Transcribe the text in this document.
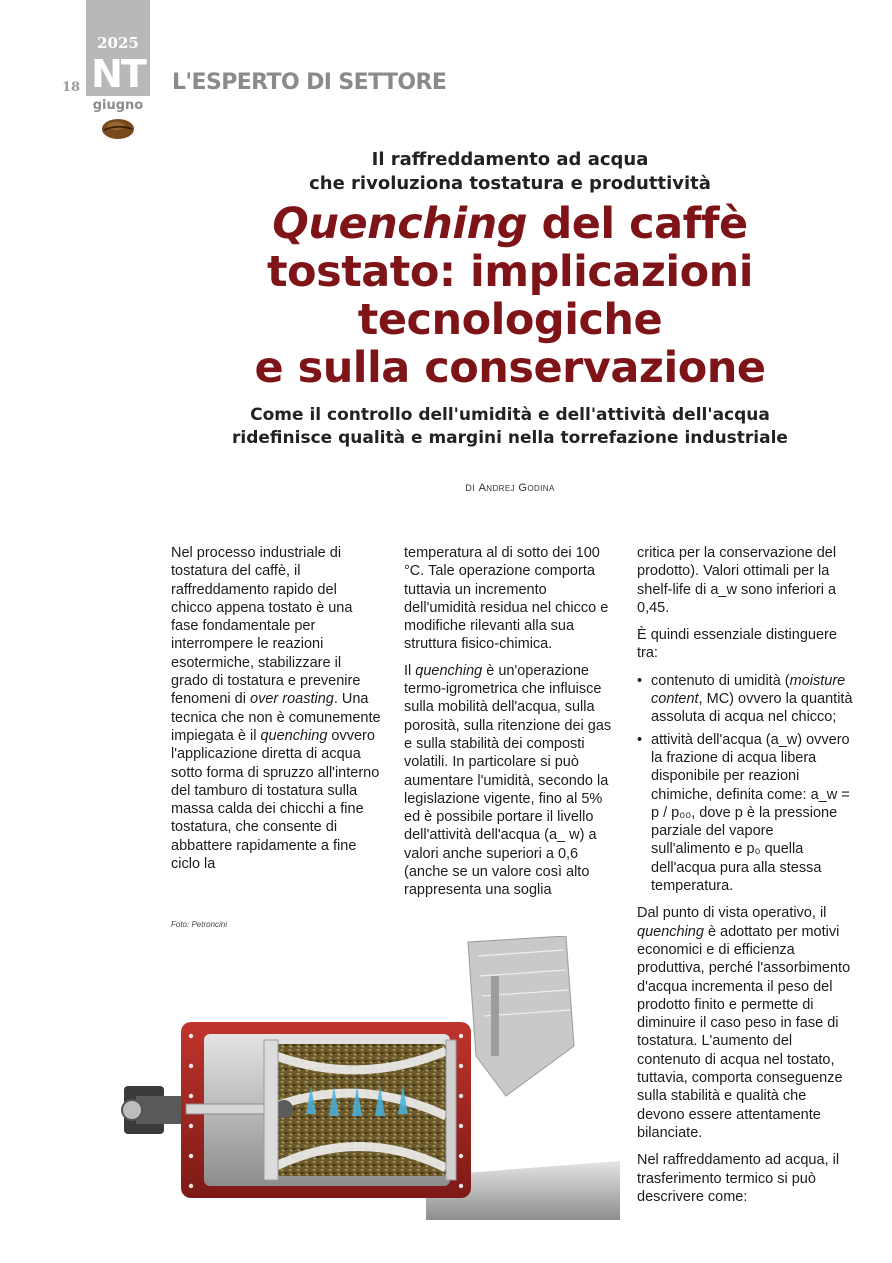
2025
NT
giugno
18	L'ESPERTO DI SETTORE
Il raffreddamento ad acqua
che rivoluziona tostatura e produttività
Quenching del caffè
tostato: implicazioni
tecnologiche
e sulla conservazione
Come il controllo dell'umidità e dell'attività dell'acqua
ridefinisce qualità e margini nella torrefazione industriale
DI Andrej Godina

Nel processo industriale di tostatura del caffè, il raffreddamento rapido del chicco appena tostato è una fase fondamentale per interrompere le reazioni esotermiche, stabilizzare il grado di tostatura e prevenire fenomeni di over roasting. Una tecnica che non è comunemente impiegata è il quenching ovvero l'applicazione diretta di acqua sotto forma di spruzzo all'interno del tamburo di tostatura sulla massa calda dei chicchi a fine tostatura, che consente di abbattere rapidamente a fine ciclo la

temperatura al di sotto dei 100 °C. Tale operazione comporta tuttavia un incremento dell'umidità residua nel chicco e modifiche rilevanti alla sua struttura fisico-chimica.

Il quenching è un'operazione termo-igrometrica che influisce sulla mobilità dell'acqua, sulla porosità, sulla ritenzione dei gas e sulla stabilità dei composti volatili. In particolare si può aumentare l'umidità, secondo la legislazione vigente, fino al 5% ed è possibile portare il livello dell'attività dell'acqua (a_ w) a valori anche superiori a 0,6 (anche se un valore così alto rappresenta una soglia

critica per la conservazione del prodotto). Valori ottimali per la shelf-life di a_w sono inferiori a 0,45.

È quindi essenziale distinguere tra:

• contenuto di umidità (moisture content, MC) ovvero la quantità assoluta di acqua nel chicco;
• attività dell'acqua (a_w) ovvero la frazione di acqua libera disponibile per reazioni chimiche, definita come: a_w = p / p₀₀, dove p è la pressione parziale del vapore sull'alimento e p₀ quella dell'acqua pura alla stessa temperatura.

Dal punto di vista operativo, il quenching è adottato per motivi economici e di efficienza produttiva, perché l'assorbimento d'acqua incrementa il peso del prodotto finito e permette di diminuire il caso peso in fase di tostatura. L'aumento del contenuto di acqua nel tostato, tuttavia, comporta conseguenze sulla stabilità e qualità che devono essere attentamente bilanciate.

Nel raffreddamento ad acqua, il trasferimento termico si può descrivere come:

Foto: Petroncini
